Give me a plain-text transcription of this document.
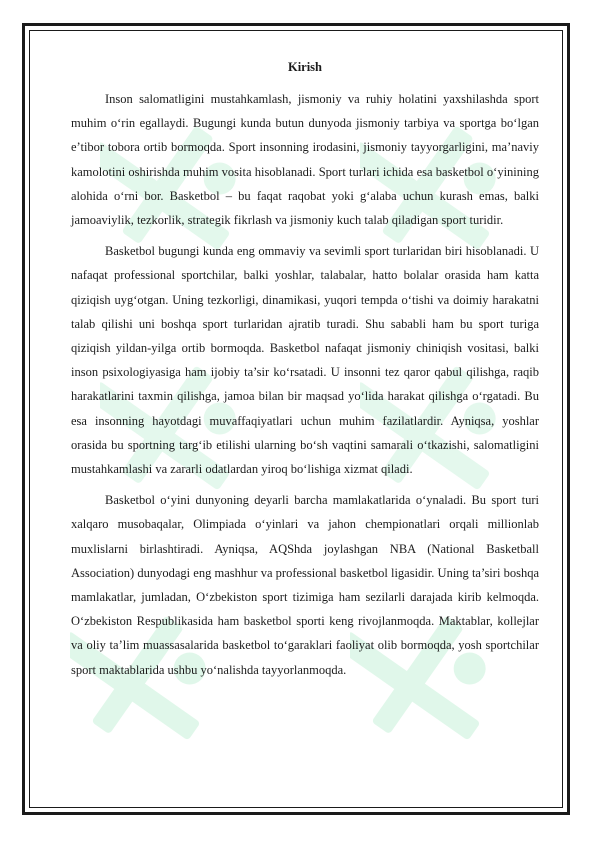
Kirish

Inson salomatligini mustahkamlash, jismoniy va ruhiy holatini yaxshilashda sport muhim o‘rin egallaydi. Bugungi kunda butun dunyoda jismoniy tarbiya va sportga bo‘lgan e’tibor tobora ortib bormoqda. Sport insonning irodasini, jismoniy tayyorgarligini, ma’naviy kamolotini oshirishda muhim vosita hisoblanadi. Sport turlari ichida esa basketbol o‘yinining alohida o‘rni bor. Basketbol – bu faqat raqobat yoki g‘alaba uchun kurash emas, balki jamoaviylik, tezkorlik, strategik fikrlash va jismoniy kuch talab qiladigan sport turidir.

Basketbol bugungi kunda eng ommaviy va sevimli sport turlaridan biri hisoblanadi. U nafaqat professional sportchilar, balki yoshlar, talabalar, hatto bolalar orasida ham katta qiziqish uyg‘otgan. Uning tezkorligi, dinamikasi, yuqori tempda o‘tishi va doimiy harakatni talab qilishi uni boshqa sport turlaridan ajratib turadi. Shu sababli ham bu sport turiga qiziqish yildan-yilga ortib bormoqda. Basketbol nafaqat jismoniy chiniqish vositasi, balki inson psixologiyasiga ham ijobiy ta’sir ko‘rsatadi. U insonni tez qaror qabul qilishga, raqib harakatlarini taxmin qilishga, jamoa bilan bir maqsad yo‘lida harakat qilishga o‘rgatadi. Bu esa insonning hayotdagi muvaffaqiyatlari uchun muhim fazilatlardir. Ayniqsa, yoshlar orasida bu sportning targ‘ib etilishi ularning bo‘sh vaqtini samarali o‘tkazishi, salomatligini mustahkamlashi va zararli odatlardan yiroq bo‘lishiga xizmat qiladi.

Basketbol o‘yini dunyoning deyarli barcha mamlakatlarida o‘ynaladi. Bu sport turi xalqaro musobaqalar, Olimpiada o‘yinlari va jahon chempionatlari orqali millionlab muxlislarni birlashtiradi. Ayniqsa, AQShda joylashgan NBA (National Basketball Association) dunyodagi eng mashhur va professional basketbol ligasidir. Uning ta’siri boshqa mamlakatlar, jumladan, O‘zbekiston sport tizimiga ham sezilarli darajada kirib kelmoqda. O‘zbekiston Respublikasida ham basketbol sporti keng rivojlanmoqda. Maktablar, kollejlar va oliy ta’lim muassasalarida basketbol to‘garaklari faoliyat olib bormoqda, yosh sportchilar sport maktablarida ushbu yo‘nalishda tayyorlanmoqda.
